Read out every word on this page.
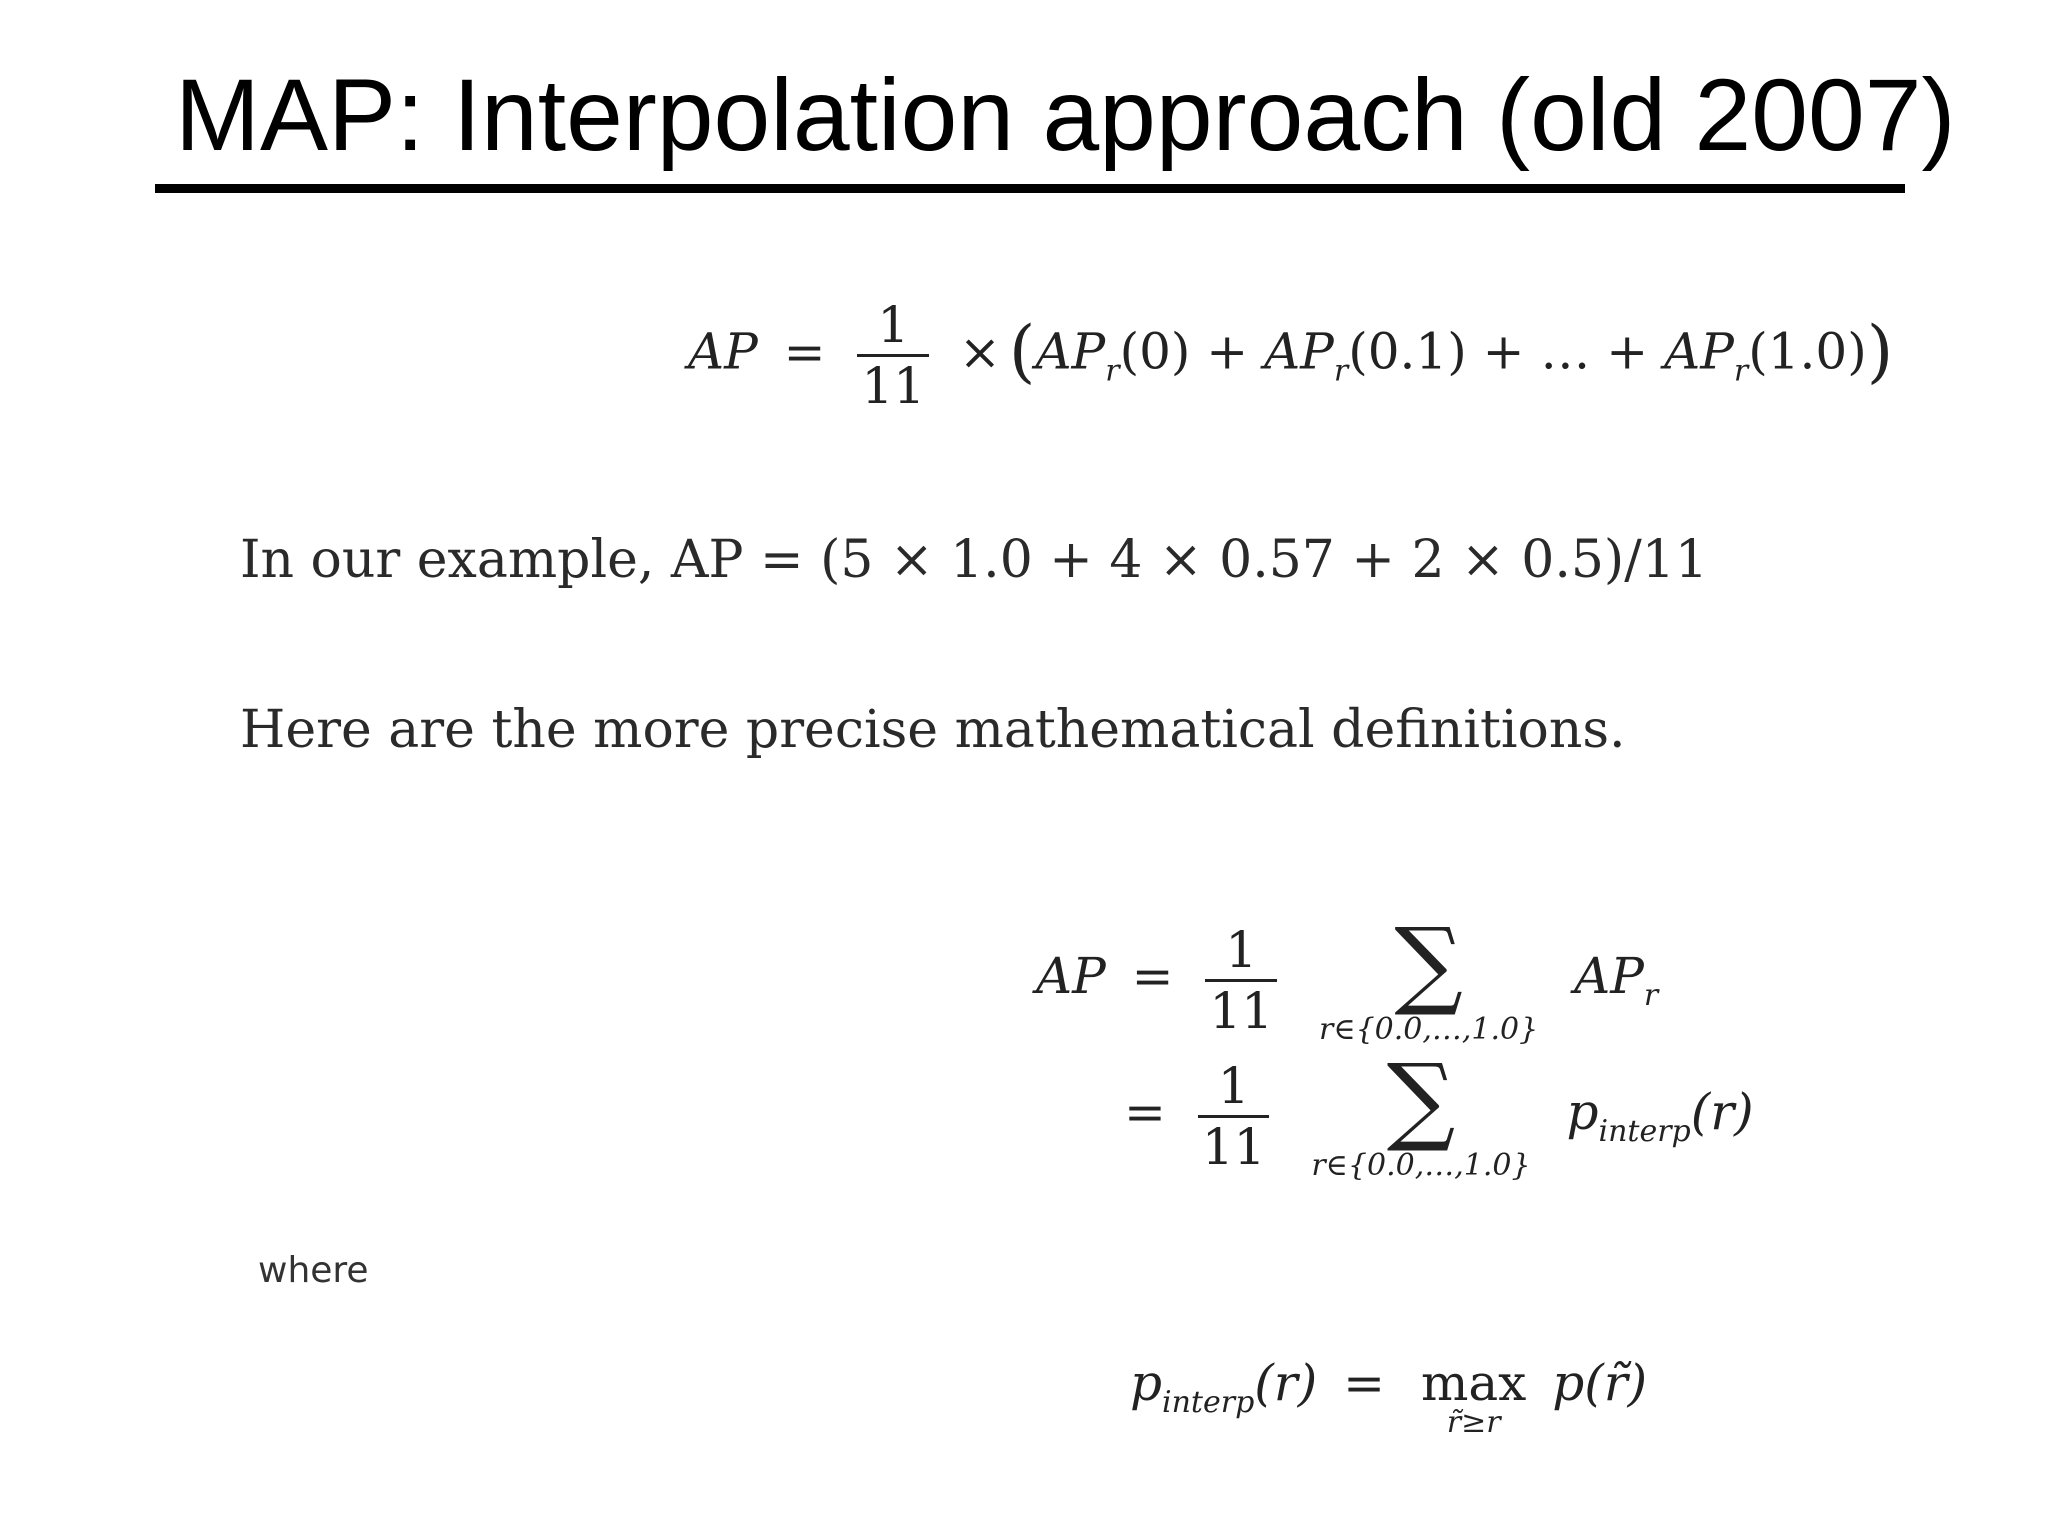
MAP: Interpolation approach (old 2007)
AP = $\frac{1}{11} \times (AP_r(0) + AP_r(0.1)$ + … + $AP_r(1.0)$)
In our example, AP = (5 × 1.0 + 4 × 0.57 + 2 × 0.5)/11
Here are the more precise mathematical definitions.
AP = $\frac{1}{11}$
	∑
r∈{0.0,…,1.0}
$AP_r$
= $\frac{1}{11}$
	∑
r∈{0.0,…,1.0}
$p_{interp}(r)$
where
$p_{interp}(r) = \max$
r̃≥r
p(r̃)
